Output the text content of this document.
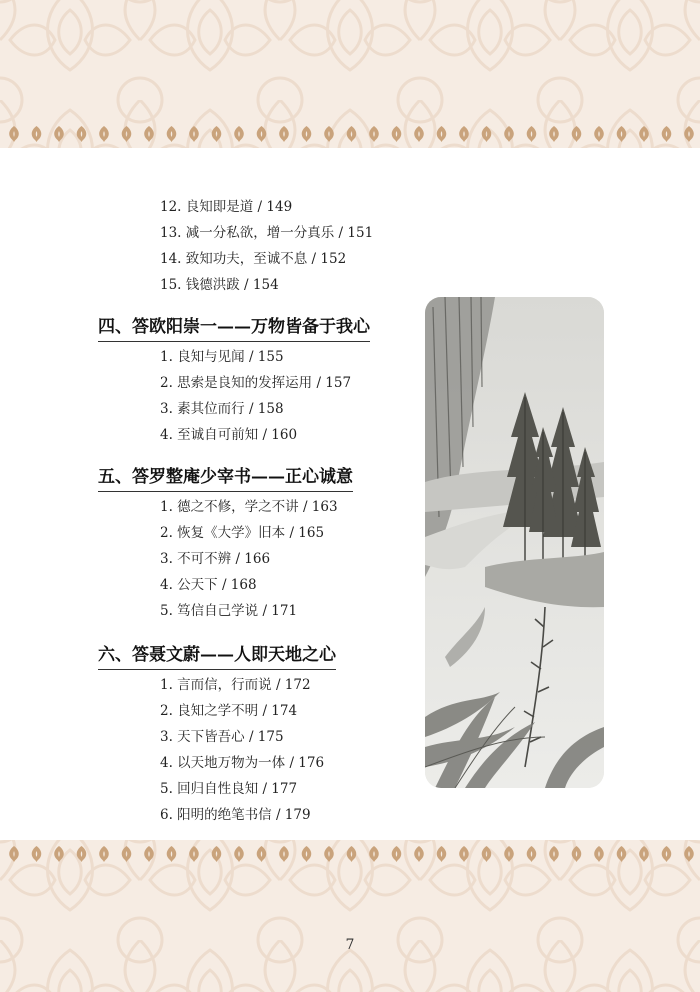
12. 良知即是道 / 149
13. 减一分私欲，增一分真乐 / 151
14. 致知功夫，至诚不息 / 152
15. 钱德洪跋 / 154
四、答欧阳崇一——万物皆备于我心
1. 良知与见闻 / 155
2. 思索是良知的发挥运用 / 157
3. 素其位而行 / 158
4. 至诚自可前知 / 160
五、答罗整庵少宰书——正心诚意
1. 德之不修，学之不讲 / 163
2. 恢复《大学》旧本 / 165
3. 不可不辨 / 166
4. 公天下 / 168
5. 笃信自己学说 / 171
六、答聂文蔚——人即天地之心
1. 言而信，行而说 / 172
2. 良知之学不明 / 174
3. 天下皆吾心 / 175
4. 以天地万物为一体 / 176
5. 回归自性良知 / 177
6. 阳明的绝笔书信 / 179
7
